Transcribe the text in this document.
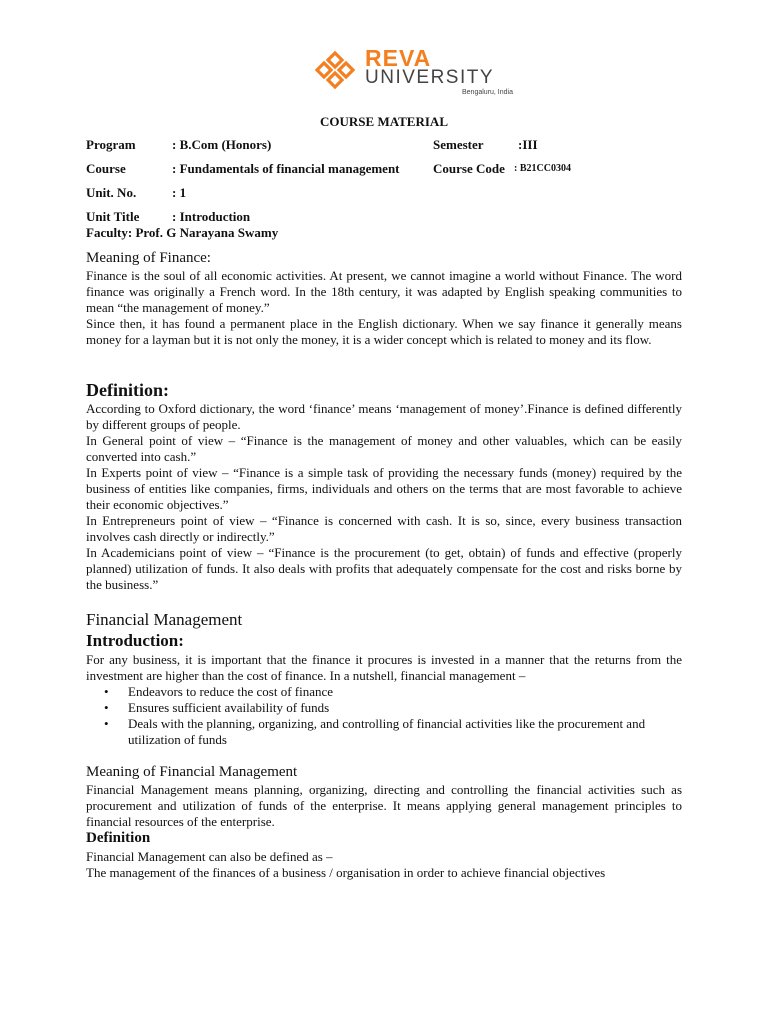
REVA
UNIVERSITY
Bengaluru, India
COURSE MATERIAL
Program	: B.Com (Honors)	Semester	:III
Course	: Fundamentals of financial management	Course Code : B21CC0304
Unit. No.	: 1
Unit Title	: Introduction
Faculty: Prof. G Narayana Swamy
Meaning of Finance:

Finance is the soul of all economic activities. At present, we cannot imagine a world without Finance. The word finance was originally a French word. In the 18th century, it was adapted by English speaking communities to mean “the management of money.”

Since then, it has found a permanent place in the English dictionary. When we say finance it generally means money for a layman but it is not only the money, it is a wider concept which is related to money and its flow.

Definition:

According to Oxford dictionary, the word ‘finance’ means ‘management of money’.Finance is defined differently by different groups of people.

In General point of view – “Finance is the management of money and other valuables, which can be easily converted into cash.”

In Experts point of view – “Finance is a simple task of providing the necessary funds (money) required by the business of entities like companies, firms, individuals and others on the terms that are most favorable to achieve their economic objectives.”

In Entrepreneurs point of view – “Finance is concerned with cash. It is so, since, every business transaction involves cash directly or indirectly.”

In Academicians point of view – “Finance is the procurement (to get, obtain) of funds and effective (properly planned) utilization of funds. It also deals with profits that adequately compensate for the cost and risks borne by the business.”

Financial Management
Introduction:

For any business, it is important that the finance it procures is invested in a manner that the returns from the investment are higher than the cost of finance. In a nutshell, financial management –

• Endeavors to reduce the cost of finance
• Ensures sufficient availability of funds
• Deals with the planning, organizing, and controlling of financial activities like the procurement and utilization of funds
Meaning of Financial Management

Financial Management means planning, organizing, directing and controlling the financial activities such as procurement and utilization of funds of the enterprise. It means applying general management principles to financial resources of the enterprise.

Definition

Financial Management can also be defined as –

The management of the finances of a business / organisation in order to achieve financial objectives
